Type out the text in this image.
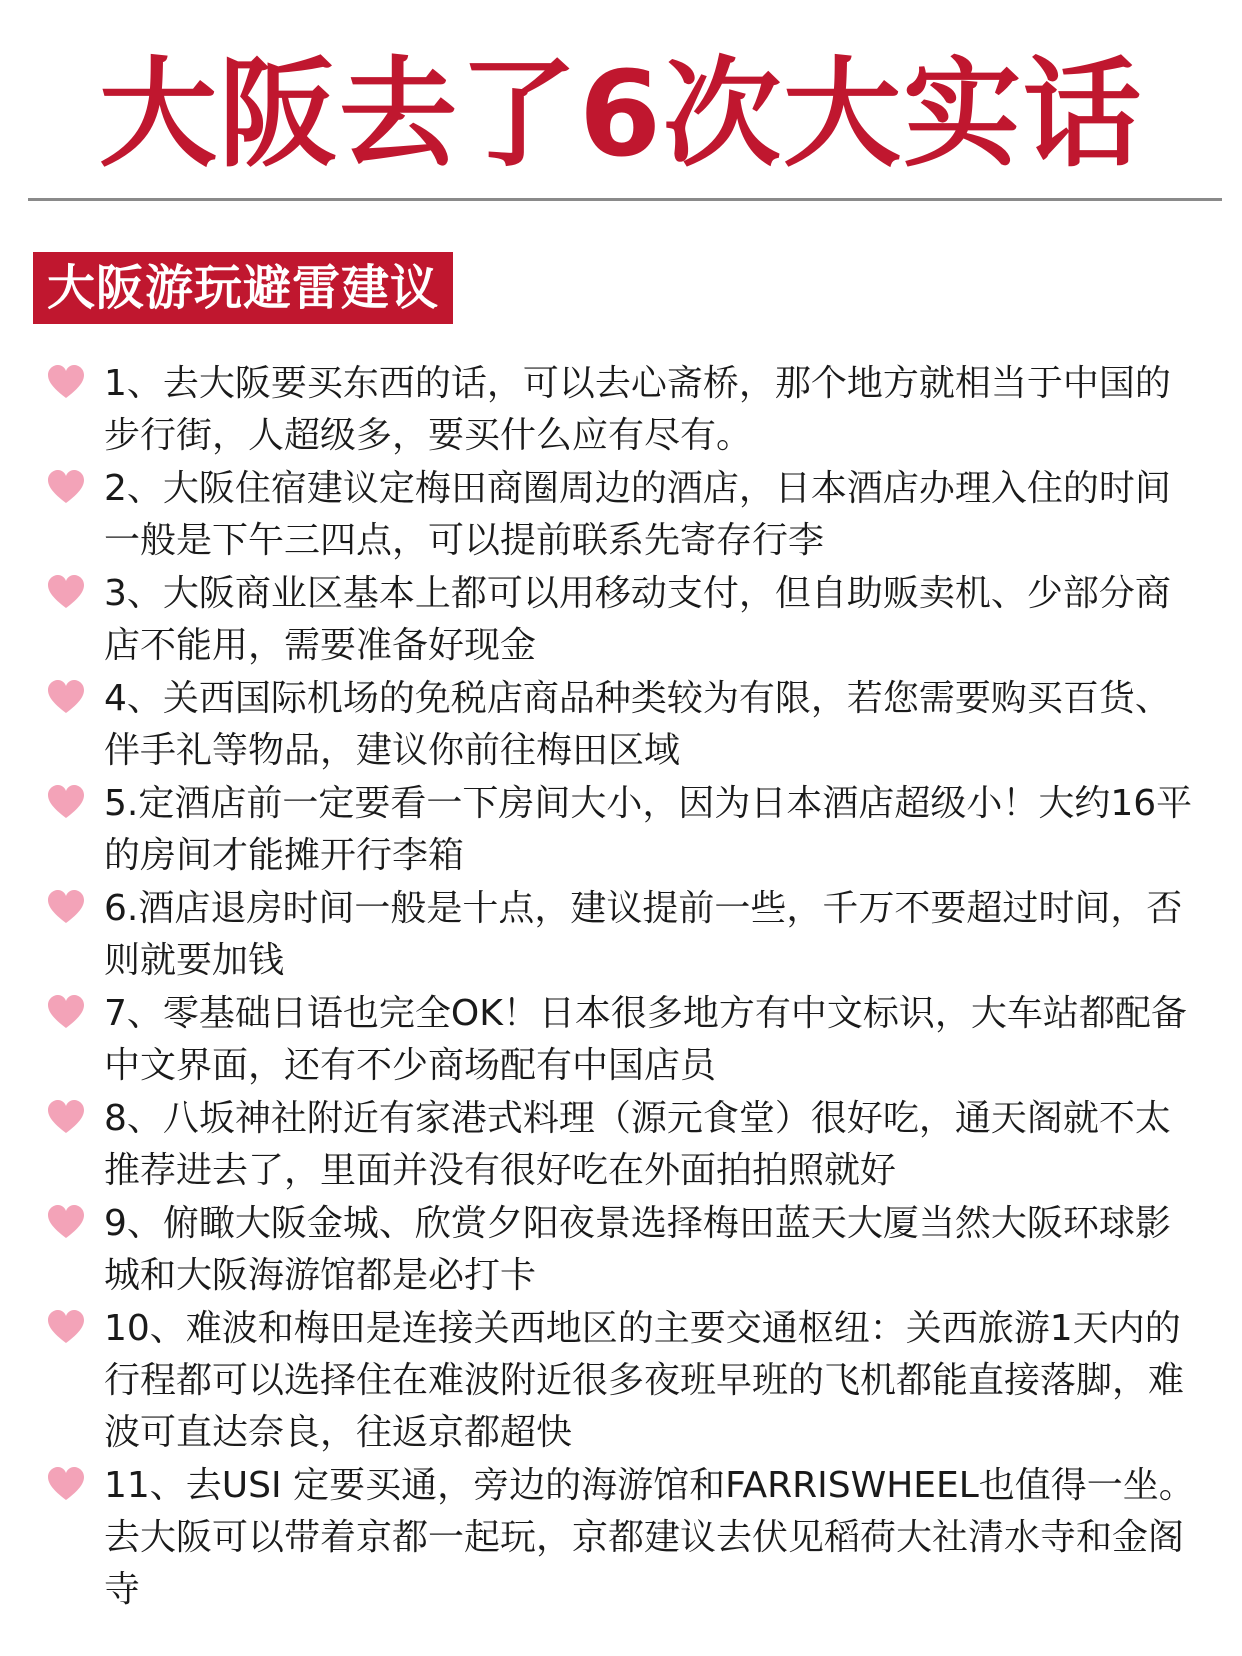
大阪去了6次大实话
大阪游玩避雷建议
1、去大阪要买东西的话，可以去心斋桥，那个地方就相当于中国的步行街，人超级多，要买什么应有尽有。
2、大阪住宿建议定梅田商圈周边的酒店，日本酒店办理入住的时间一般是下午三四点，可以提前联系先寄存行李
3、大阪商业区基本上都可以用移动支付，但自助贩卖机、少部分商店不能用，需要准备好现金
4、关西国际机场的免税店商品种类较为有限，若您需要购买百货、伴手礼等物品，建议你前往梅田区域
5.定酒店前一定要看一下房间大小，因为日本酒店超级小！大约16平的房间才能摊开行李箱
6.酒店退房时间一般是十点，建议提前一些，千万不要超过时间，否则就要加钱
7、零基础日语也完全OK！日本很多地方有中文标识，大车站都配备中文界面，还有不少商场配有中国店员
8、八坂神社附近有家港式料理（源元食堂）很好吃，通天阁就不太推荐进去了，里面并没有很好吃在外面拍拍照就好
9、俯瞰大阪金城、欣赏夕阳夜景选择梅田蓝天大厦当然大阪环球影城和大阪海游馆都是必打卡
10、难波和梅田是连接关西地区的主要交通枢纽：关西旅游1天内的行程都可以选择住在难波附近很多夜班早班的飞机都能直接落脚，难波可直达奈良，往返京都超快
11、去USI 定要买通，旁边的海游馆和FARRISWHEEL也值得一坐。去大阪可以带着京都一起玩，京都建议去伏见稻荷大社清水寺和金阁寺
